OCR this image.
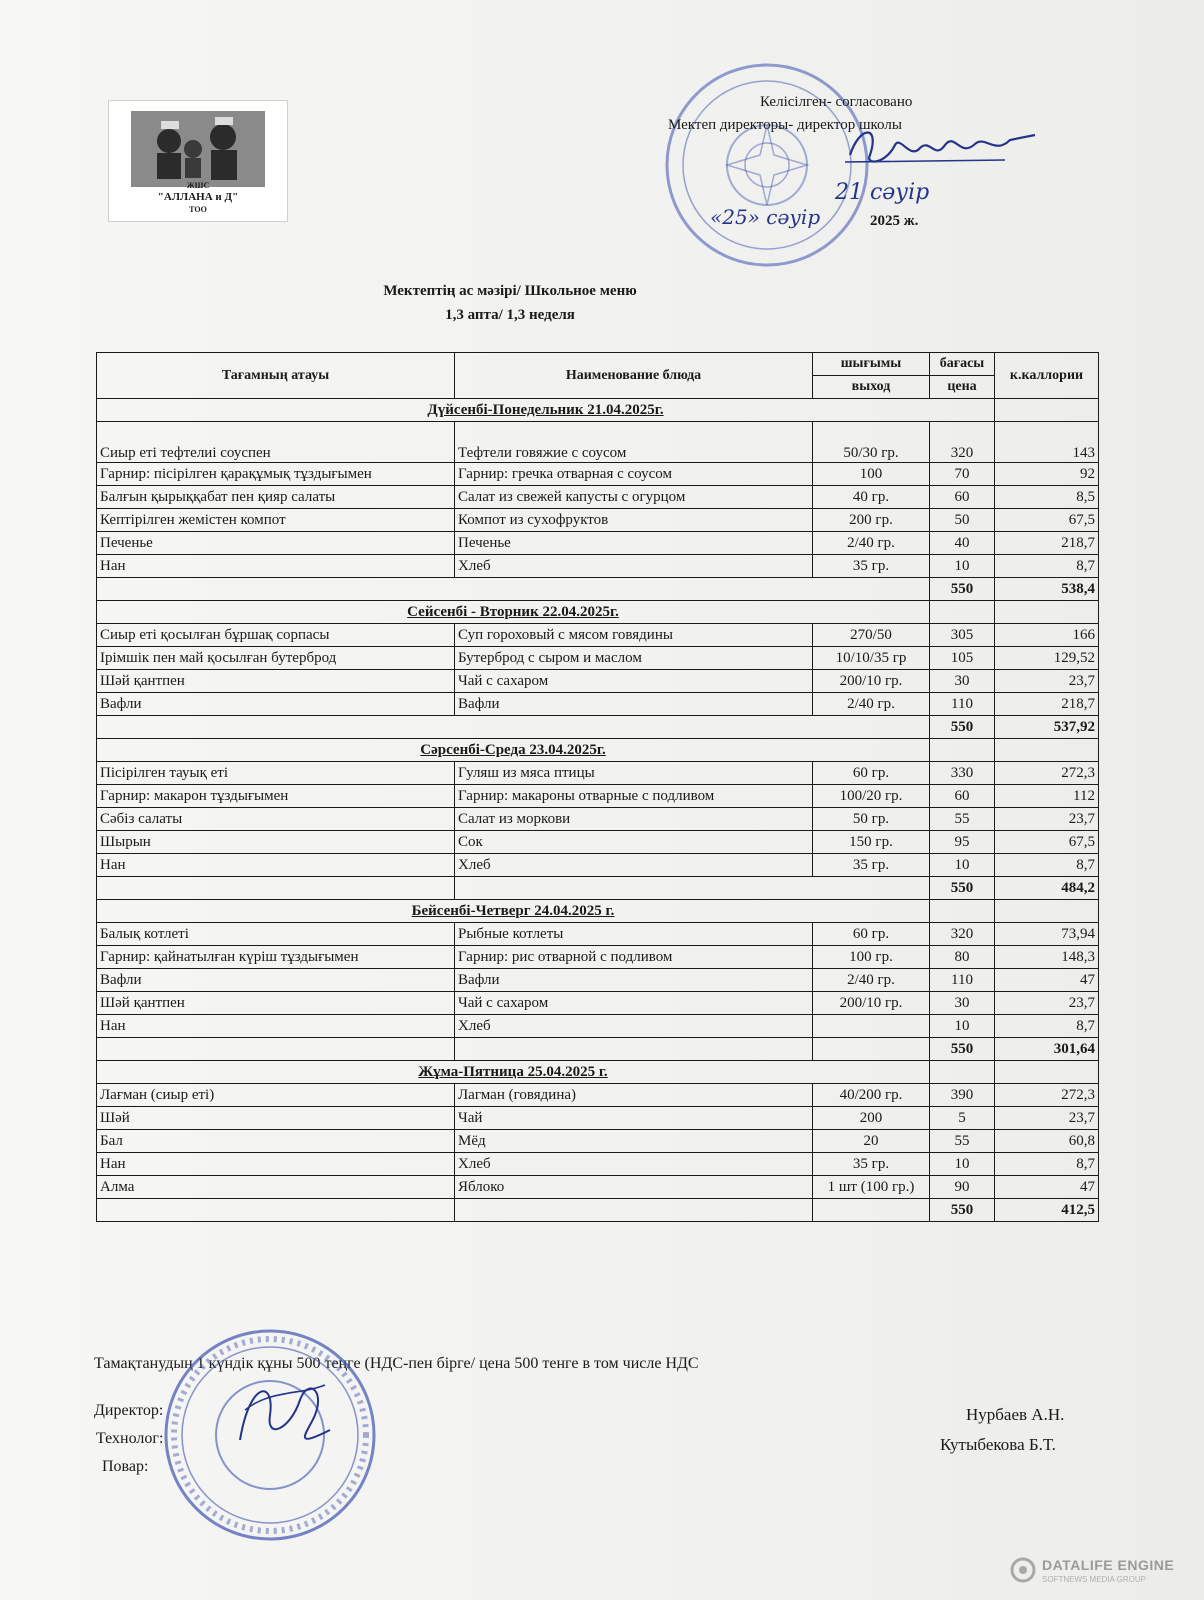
ЖШС
"АЛЛАНА и Д"
ТОО
Келісілген- согласовано
Мектеп директоры- директор школы
21 сәуір
«25» сәуір	2025 ж.
Мектептің ас мәзірі/ Школьное меню
1,3 апта/ 1,3 неделя
Тағамның атауы	Наименование блюда	шығымы	бағасы	к.каллории
		выход	цена	
Дүйсенбі-Понедельник 21.04.2025г.				
Сиыр еті тефтелиі соуспен	Тефтели говяжие с соусом	50/30 гр.	320	143
Гарнир: пісірілген қарақұмық тұздығымен	Гарнир: гречка отварная с соусом	100	70	92
Балғын қырыққабат пен қияр салаты	Салат из свежей капусты с огурцом	40 гр.	60	8,5
Кептірілген жемістен компот	Компот из сухофруктов	200 гр.	50	67,5
Печенье	Печенье	2/40 гр.	40	218,7
Нан	Хлеб	35 гр.	10	8,7
			550	538,4
Сейсенбі - Вторник 22.04.2025г.				
Сиыр еті қосылған бұршақ сорпасы	Суп гороховый с мясом говядины	270/50	305	166
Ірімшік пен май қосылған бутерброд	Бутерброд с сыром и маслом	10/10/35 гр	105	129,52
Шәй қантпен	Чай с сахаром	200/10 гр.	30	23,7
Вафли	Вафли	2/40 гр.	110	218,7
			550	537,92
Сәрсенбі-Среда 23.04.2025г.				
Пісірілген тауық еті	Гуляш из мяса птицы	60 гр.	330	272,3
Гарнир: макарон тұздығымен	Гарнир: макароны отварные с подливом	100/20 гр.	60	112
Сәбіз салаты	Салат из моркови	50 гр.	55	23,7
Шырын	Сок	150 гр.	95	67,5
Нан	Хлеб	35 гр.	10	8,7
			550	484,2
Бейсенбі-Четверг 24.04.2025 г.				
Балық котлеті	Рыбные котлеты	60 гр.	320	73,94
Гарнир: қайнатылған күріш тұздығымен	Гарнир: рис отварной с подливом	100 гр.	80	148,3
Вафли	Вафли	2/40 гр.	110	47
Шәй қантпен	Чай с сахаром	200/10 гр.	30	23,7
Нан	Хлеб		10	8,7
			550	301,64
Жұма-Пятница 25.04.2025 г.				
Лағман (сиыр еті)	Лагман (говядина)	40/200 гр.	390	272,3
Шәй	Чай	200	5	23,7
Бал	Мёд	20	55	60,8
Нан	Хлеб	35 гр.	10	8,7
Алма	Яблоко	1 шт (100 гр.)	90	47
			550	412,5
Тамақтанудың 1 күндік құны 500 теңге (НДС-пен бірге/ цена 500 тенге в том числе НДС
Директор:
Технолог:
Повар:
Нурбаев А.Н.
Кутыбекова Б.Т.
DATALIFE ENGINE
SOFTNEWS MEDIA GROUP
